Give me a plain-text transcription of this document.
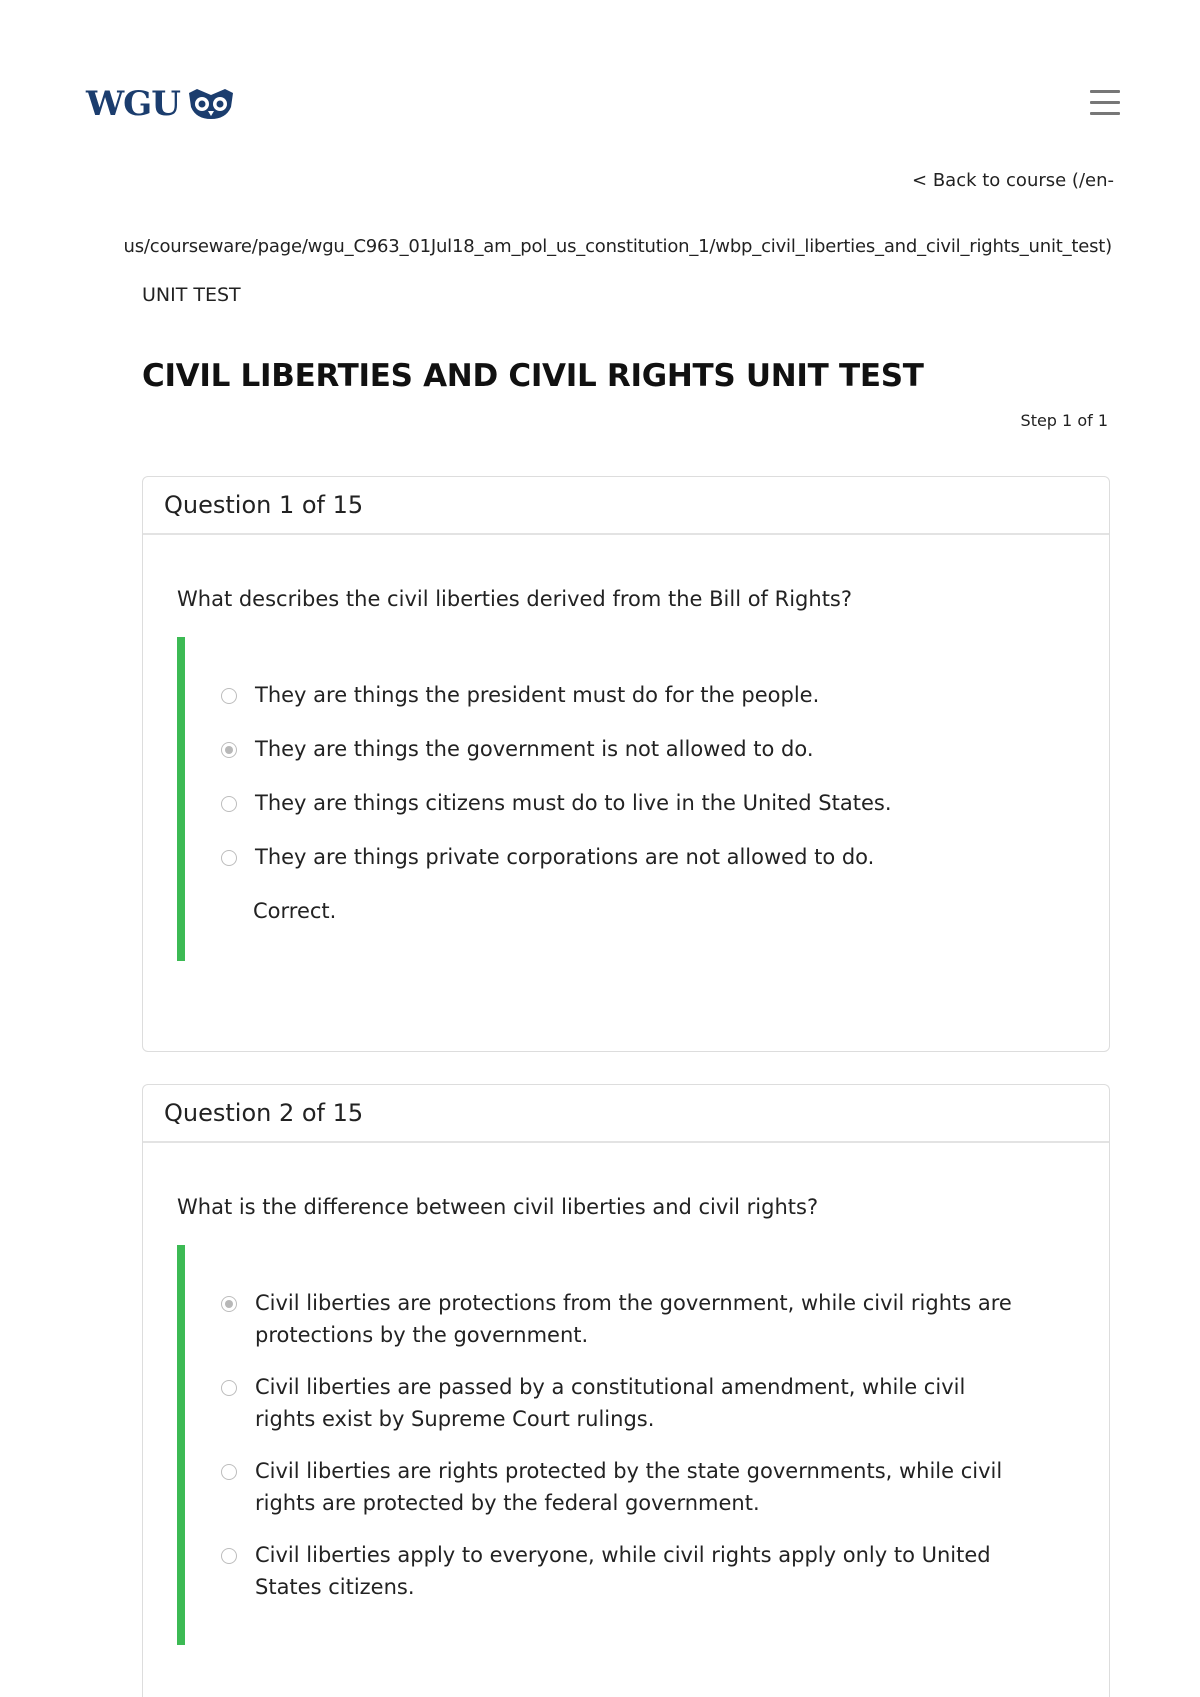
WGU
< Back to course (/en-
us/courseware/page/wgu_C963_01Jul18_am_pol_us_constitution_1/wbp_civil_liberties_and_civil_rights_unit_test)
UNIT TEST
CIVIL LIBERTIES AND CIVIL RIGHTS UNIT TEST
Step 1 of 1
Question 1 of 15
What describes the civil liberties derived from the Bill of Rights?
They are things the president must do for the people.
They are things the government is not allowed to do.
They are things citizens must do to live in the United States.
They are things private corporations are not allowed to do.
Correct.
Question 2 of 15
What is the difference between civil liberties and civil rights?
Civil liberties are protections from the government, while civil rights are protections by the government.
Civil liberties are passed by a constitutional amendment, while civil rights exist by Supreme Court rulings.
Civil liberties are rights protected by the state governments, while civil rights are protected by the federal government.
Civil liberties apply to everyone, while civil rights apply only to United States citizens.
